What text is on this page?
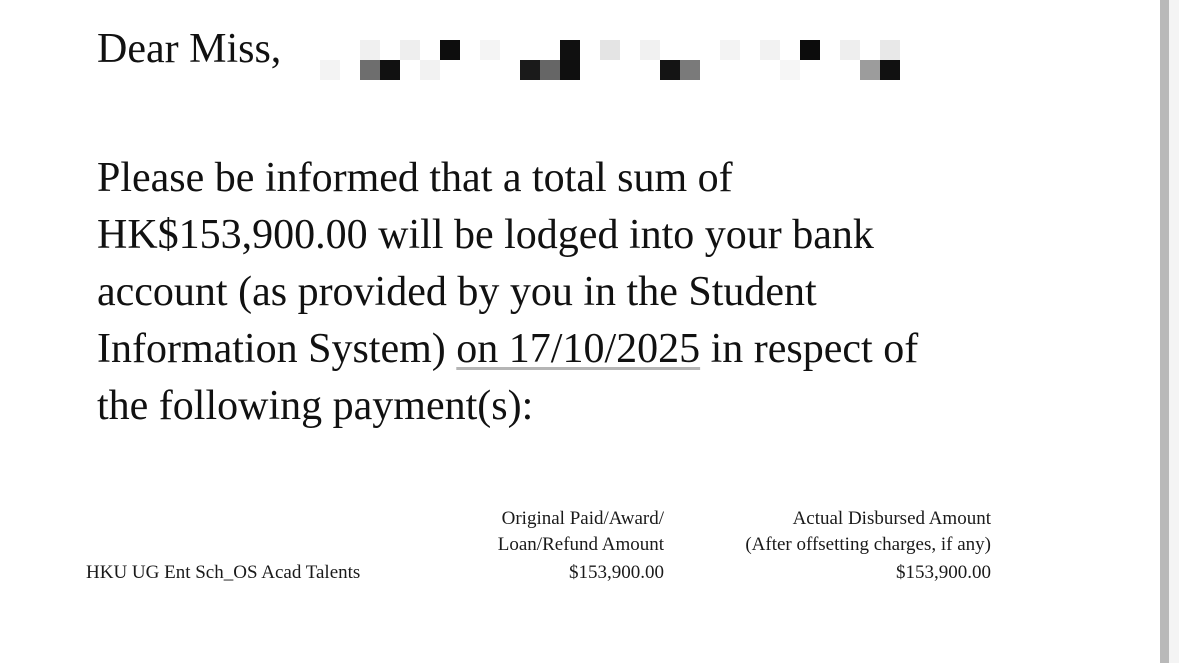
Dear Miss,
Please be informed that a total sum of
HK$153,900.00 will be lodged into your bank
account (as provided by you in the Student
Information System) on 17/10/2025 in respect of
the following payment(s):
Original Paid/Award/
Loan/Refund Amount
Actual Disbursed Amount
(After offsetting charges, if any)
HKU UG Ent Sch_OS Acad Talents	$153,900.00	$153,900.00
